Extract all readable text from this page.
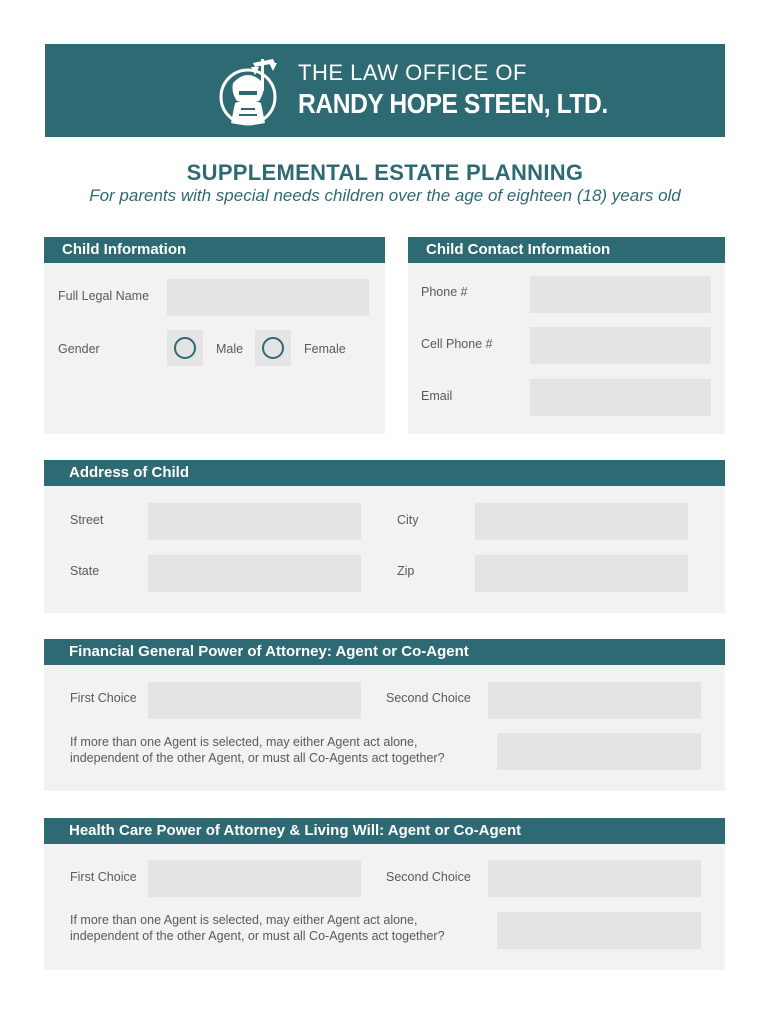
THE LAW OFFICE OF
RANDY HOPE STEEN, LTD.
SUPPLEMENTAL ESTATE PLANNING
For parents with special needs children over the age of eighteen (18) years old
Child Information
Full Legal Name
Gender	Male	Female
Child Contact Information
Phone #
Cell Phone #
Email
Address of Child
Street	City
State	Zip
Financial General Power of Attorney: Agent or Co-Agent
First Choice	Second Choice
If more than one Agent is selected, may either Agent act alone,
independent of the other Agent, or must all Co-Agents act together?
Health Care Power of Attorney & Living Will: Agent or Co-Agent
First Choice	Second Choice
If more than one Agent is selected, may either Agent act alone,
independent of the other Agent, or must all Co-Agents act together?
